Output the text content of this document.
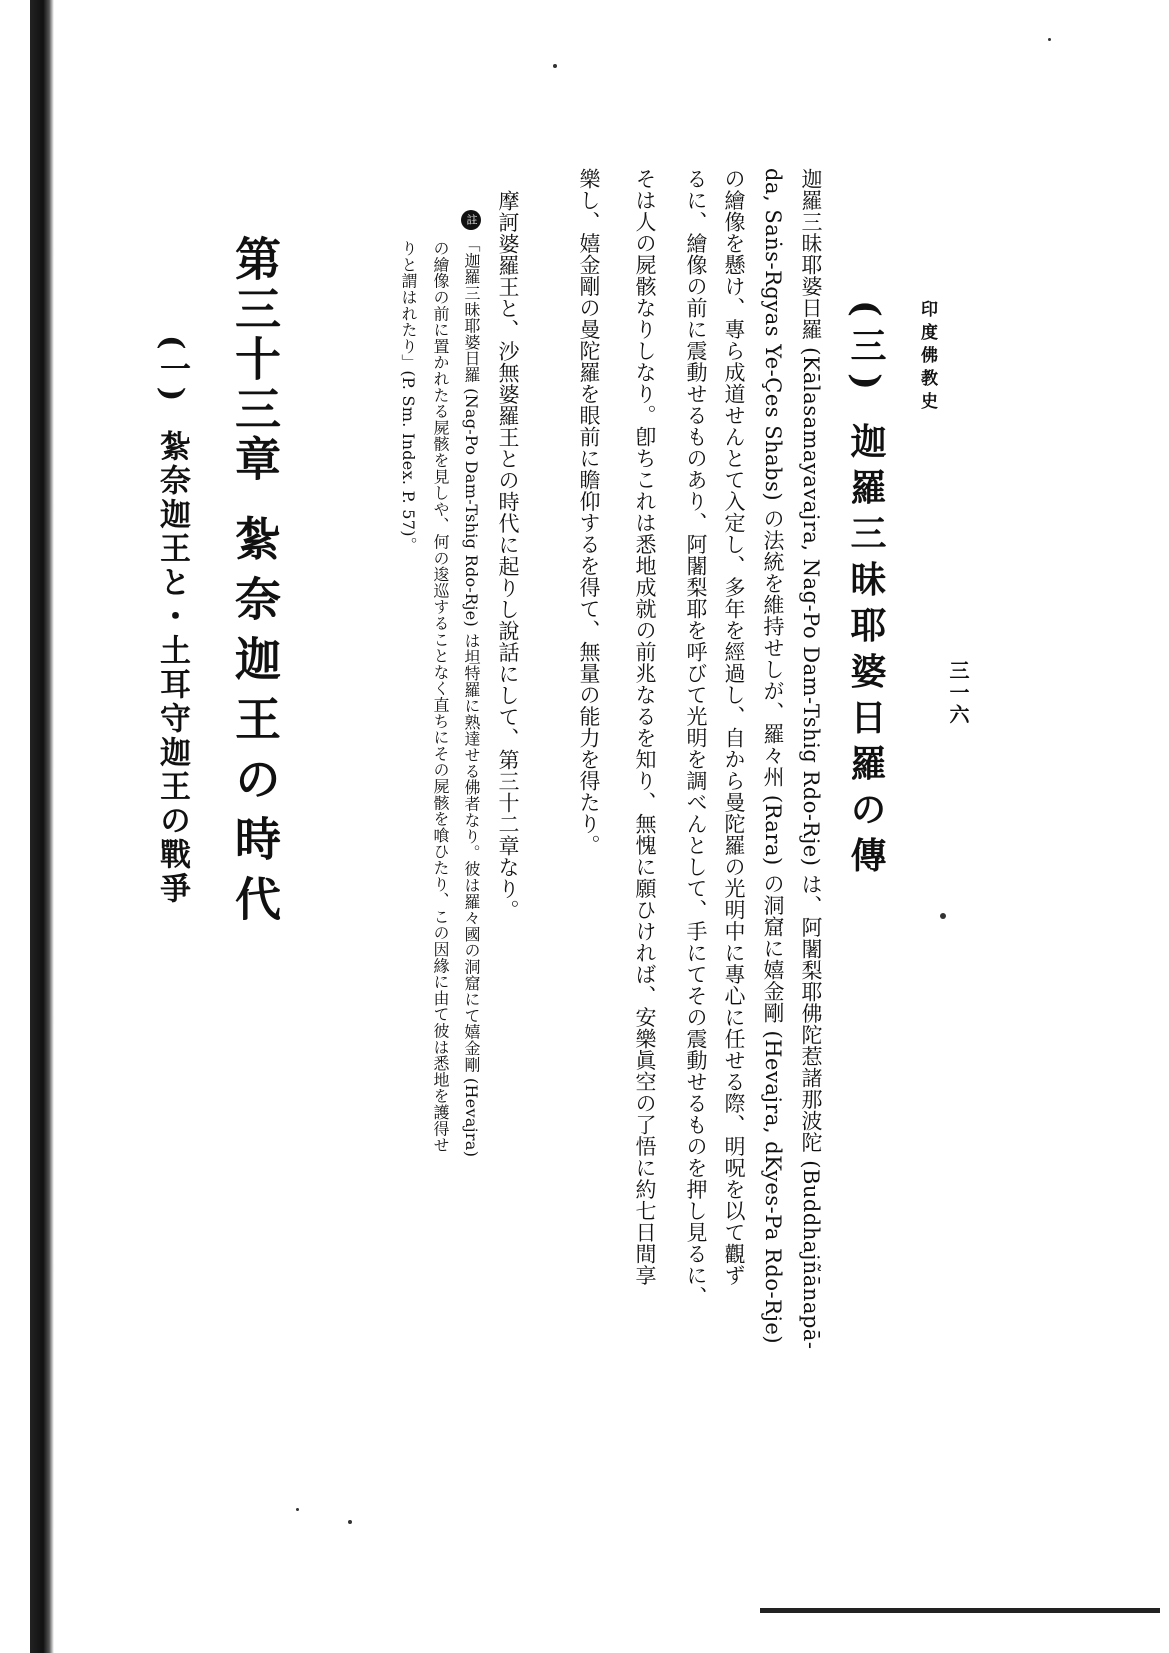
印度佛教史
三一六
(三)迦羅三昧耶婆日羅の傳
迦羅三昧耶婆日羅 (Kālasamayavajra, Nag-Po Dam-Tshig Rdo-Rje) は、阿闍梨耶佛陀惹諸那波陀 (Buddhajñānapā-
da, Saṅs-Rgyas Ye-Çes Shabs) の法統を維持せしが、羅々州 (Rara) の洞窟に嬉金剛 (Hevajra, dKyes-Pa Rdo-Rje)
の繪像を懸け、專ら成道せんとて入定し、多年を經過し、自から曼陀羅の光明中に專心に任せる際、明呪を以て觀ず
るに、繪像の前に震動せるものあり、阿闍梨耶を呼びて光明を調べんとして、手にてその震動せるものを押し見るに、
そは人の屍骸なりしなり。卽ちこれは悉地成就の前兆なるを知り、無愧に願ひければ、安樂眞空の了悟に約七日間享
樂し、嬉金剛の曼陀羅を眼前に瞻仰するを得て、無量の能力を得たり。
摩訶婆羅王と、沙無婆羅王との時代に起りし說話にして、第三十二章なり。
註「迦羅三昧耶婆日羅 (Nag-Po Dam-Tshig Rdo-Rje) は坦特羅に熟達せる佛者なり。彼は羅々國の洞窟にて嬉金剛 (Hevajra)
の繪像の前に置かれたる屍骸を見しや、何の逡巡することなく直ちにその屍骸を喰ひたり、この因緣に由て彼は悉地を護得せ
りと謂はれたり」(P. Sm. Index. P. 57)。
第三十三章紮奈迦王の時代
(一)紮奈迦王と・土耳守迦王の戰爭
